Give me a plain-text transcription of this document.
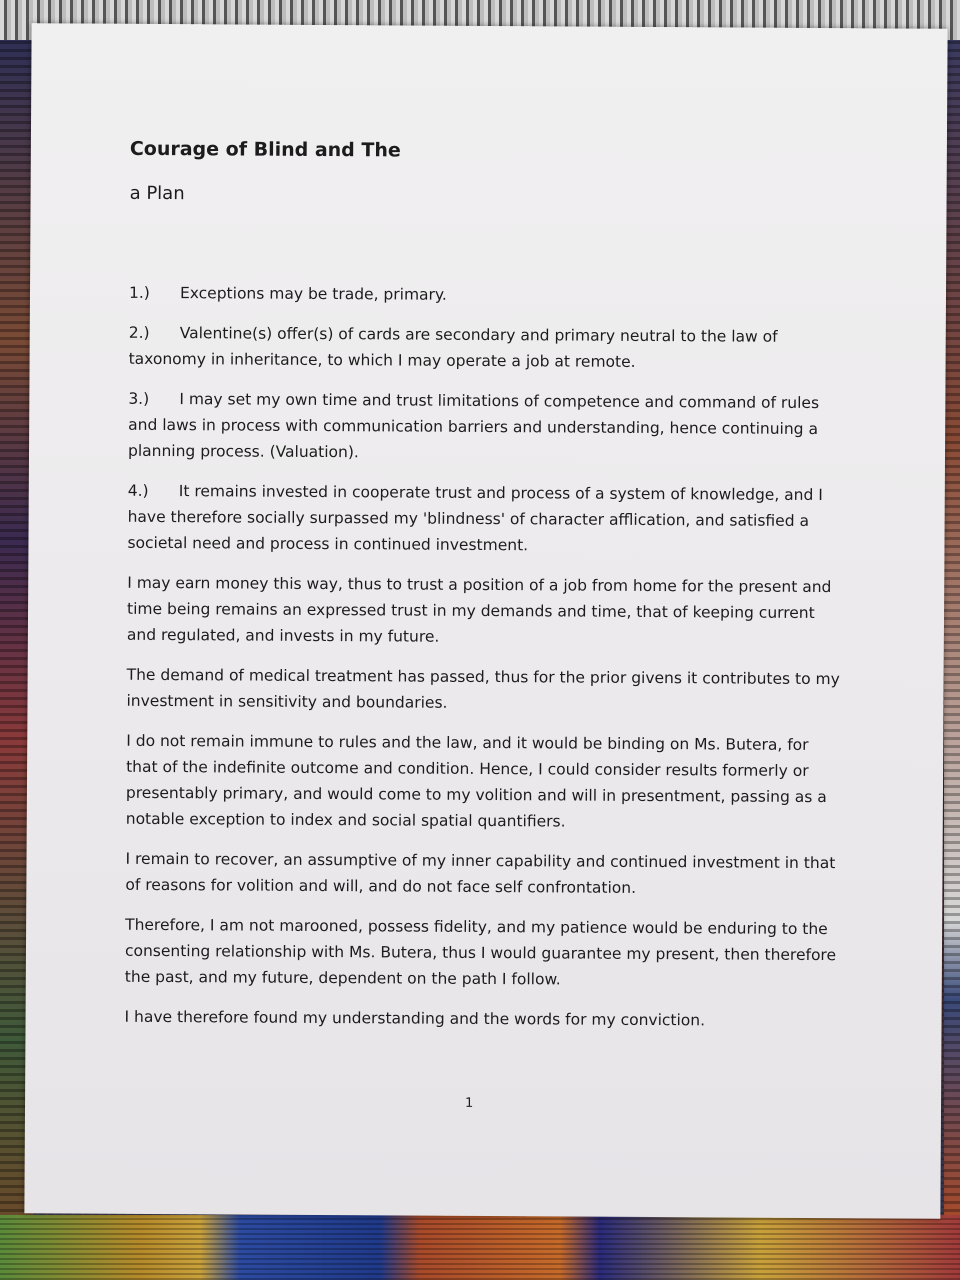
Courage of Blind and The
a Plan
1.) Exceptions may be trade, primary.
2.) Valentine(s) offer(s) of cards are secondary and primary neutral to the law of taxonomy in inheritance, to which I may operate a job at remote.
3.) I may set my own time and trust limitations of competence and command of rules and laws in process with communication barriers and understanding, hence continuing a planning process. (Valuation).
4.) It remains invested in cooperate trust and process of a system of knowledge, and I have therefore socially surpassed my 'blindness' of character afflication, and satisfied a societal need and process in continued investment.
I may earn money this way, thus to trust a position of a job from home for the present and time being remains an expressed trust in my demands and time, that of keeping current and regulated, and invests in my future.
The demand of medical treatment has passed, thus for the prior givens it contributes to my investment in sensitivity and boundaries.
I do not remain immune to rules and the law, and it would be binding on Ms. Butera, for that of the indefinite outcome and condition. Hence, I could consider results formerly or presentably primary, and would come to my volition and will in presentment, passing as a notable exception to index and social spatial quantifiers.
I remain to recover, an assumptive of my inner capability and continued investment in that of reasons for volition and will, and do not face self confrontation.
Therefore, I am not marooned, possess fidelity, and my patience would be enduring to the consenting relationship with Ms. Butera, thus I would guarantee my present, then therefore the past, and my future, dependent on the path I follow.
I have therefore found my understanding and the words for my conviction.
1
